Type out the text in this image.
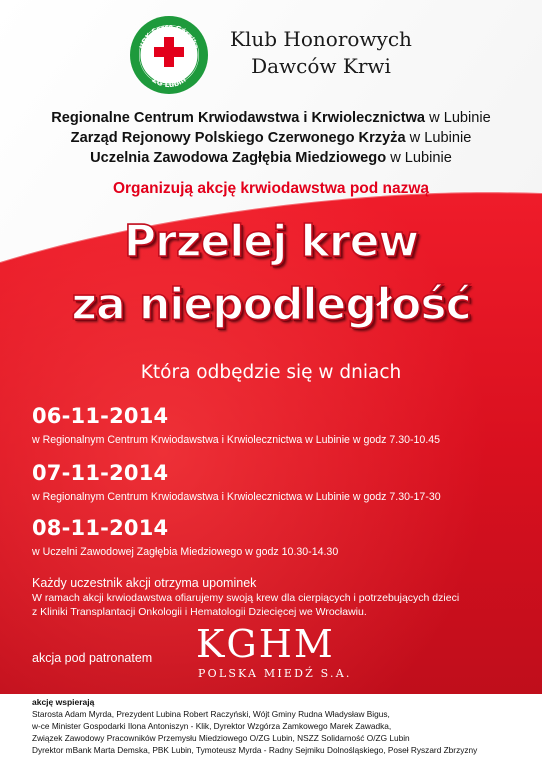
HDK Serce Górnika
ZG Lubin
Klub Honorowych
Dawców Krwi
Regionalne Centrum Krwiodawstwa i Krwiolecznictwa w Lubinie
Zarząd Rejonowy Polskiego Czerwonego Krzyża w Lubinie
Uczelnia Zawodowa Zagłębia Miedziowego w Lubinie
Organizują akcję krwiodawstwa pod nazwą
Przelej krew
za niepodległość
Która odbędzie się w dniach
06-11-2014
w Regionalnym Centrum Krwiodawstwa i Krwiolecznictwa w Lubinie w godz 7.30-10.45
07-11-2014
w Regionalnym Centrum Krwiodawstwa i Krwiolecznictwa w Lubinie w godz 7.30-17-30
08-11-2014
w Uczelni Zawodowej Zagłębia Miedziowego w godz 10.30-14.30
Każdy uczestnik akcji otrzyma upominek
W ramach akcji krwiodawstwa ofiarujemy swoją krew dla cierpiących i potrzebujących dzieci
z Kliniki Transplantacji Onkologii i Hematologii Dziecięcej we Wrocławiu.
akcja pod patronatem KGHM
POLSKA MIEDŹ S.A.
akcję wspierają
Starosta Adam Myrda, Prezydent Lubina Robert Raczyński, Wójt Gminy Rudna Władysław Bigus,
w-ce Minister Gospodarki Ilona Antoniszyn - Klik, Dyrektor Wzgórza Zamkowego Marek Zawadka,
Związek Zawodowy Pracowników Przemysłu Miedziowego O/ZG Lubin, NSZZ Solidarność O/ZG Lubin
Dyrektor mBank Marta Demska, PBK Lubin, Tymoteusz Myrda - Radny Sejmiku Dolnośląskiego, Poseł Ryszard Zbrzyzny
